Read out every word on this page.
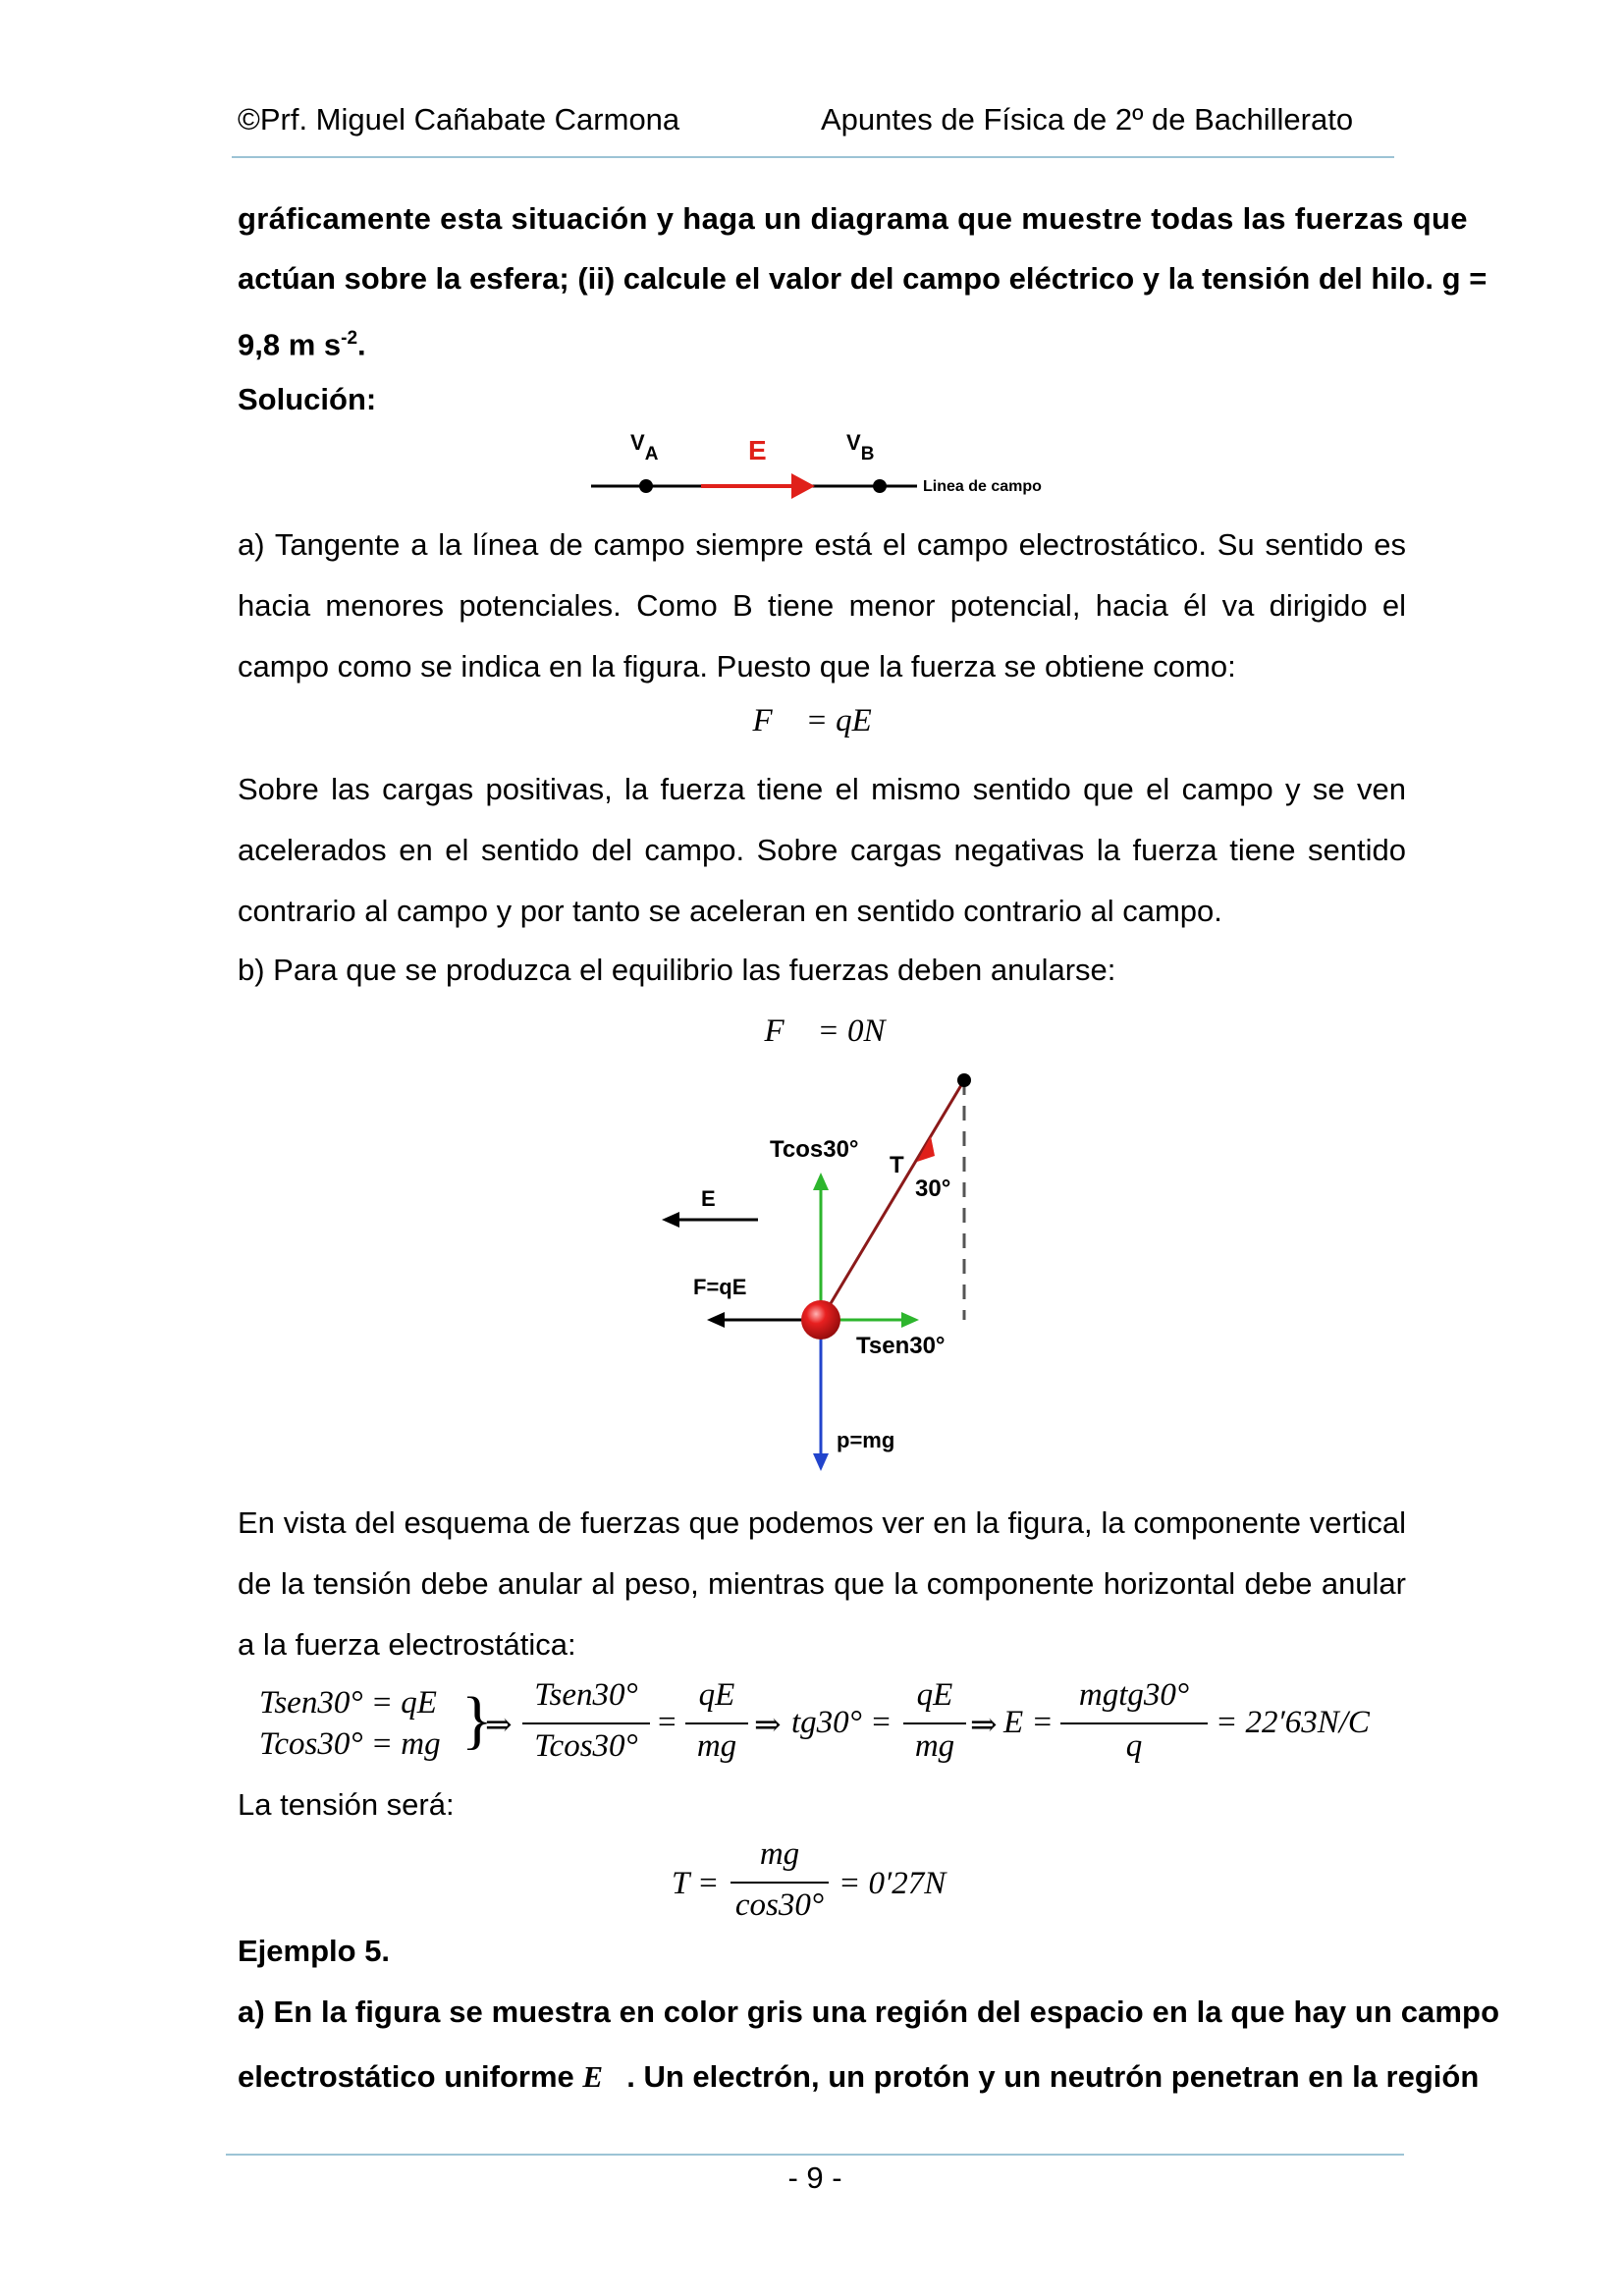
©Prf. Miguel Cañabate Carmona	Apuntes de Física de 2º de Bachillerato
gráficamente esta situación y haga un diagrama que muestre todas las fuerzas que
actúan sobre la esfera; (ii) calcule el valor del campo eléctrico y la tensión del hilo. g =
9,8 m $s^{-2}$.
Solución:
VA	E	VB
Linea de campo
a) Tangente a la línea de campo siempre está el campo electrostático. Su sentido es hacia menores potenciales. Como B tiene menor potencial, hacia él va dirigido el campo como se indica en la figura. Puesto que la fuerza se obtiene como:
F⃗ = qE⃗
Sobre las cargas positivas, la fuerza tiene el mismo sentido que el campo y se ven acelerados en el sentido del campo. Sobre cargas negativas la fuerza tiene sentido contrario al campo y por tanto se aceleran en sentido contrario al campo.
b) Para que se produzca el equilibrio las fuerzas deben anularse:
F⃗ = 0N
Tcos30°
T
30°
E
F=qE
Tsen30°
p=mg
En vista del esquema de fuerzas que podemos ver en la figura, la componente vertical de la tensión debe anular al peso, mientras que la componente horizontal debe anular a la fuerza electrostática:
Tsen30° = qE
Tcos30° = mg }
⇒
Tsen30°
Tcos30°
=
qE
mg
⇒ tg30° =
qE
mg
⇒ E =
mgtg30°
q
= 22′63N/C
La tensión será:
T =
mg
cos30°
= 0′27N
Ejemplo 5.
a) En la figura se muestra en color gris una región del espacio en la que hay un campo
electrostático uniforme E⃗. Un electrón, un protón y un neutrón penetran en la región
- 9 -
